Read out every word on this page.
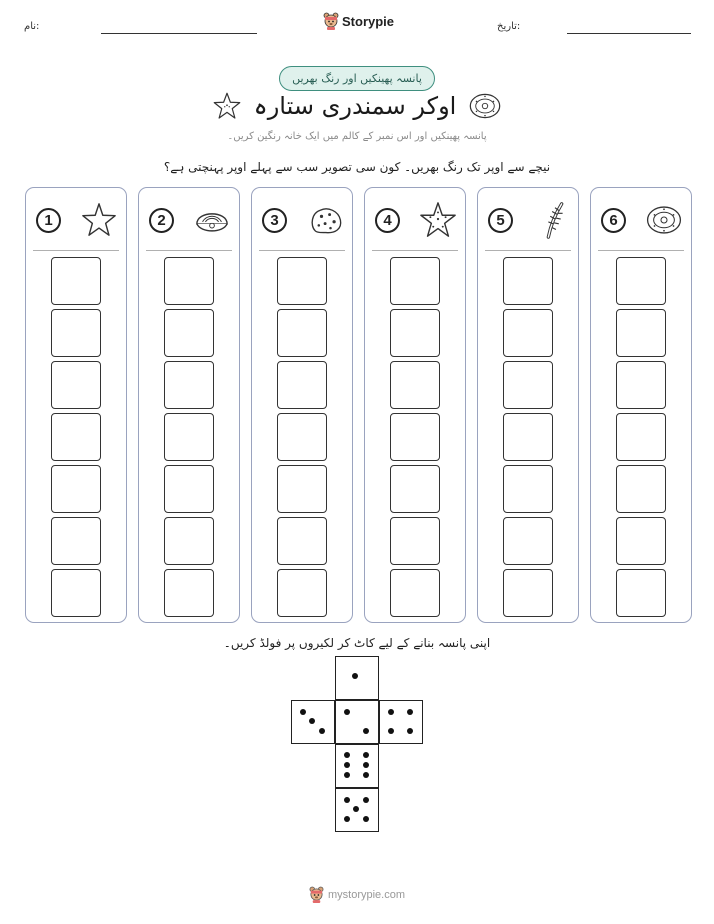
نام:	Storypie	تاریخ:
پانسہ پھینکیں اور رنگ بھریں
اوکر سمندری ستارہ
پانسہ پھینکیں اور اس نمبر کے کالم میں ایک خانہ رنگین کریں۔
نیچے سے اوپر تک رنگ بھریں۔ کون سی تصویر سب سے پہلے اوپر پہنچتی ہے؟
1	2	3	4	5	6
اپنی پانسہ بنانے کے لیے کاٹ کر لکیروں پر فولڈ کریں۔
mystorypie.com
